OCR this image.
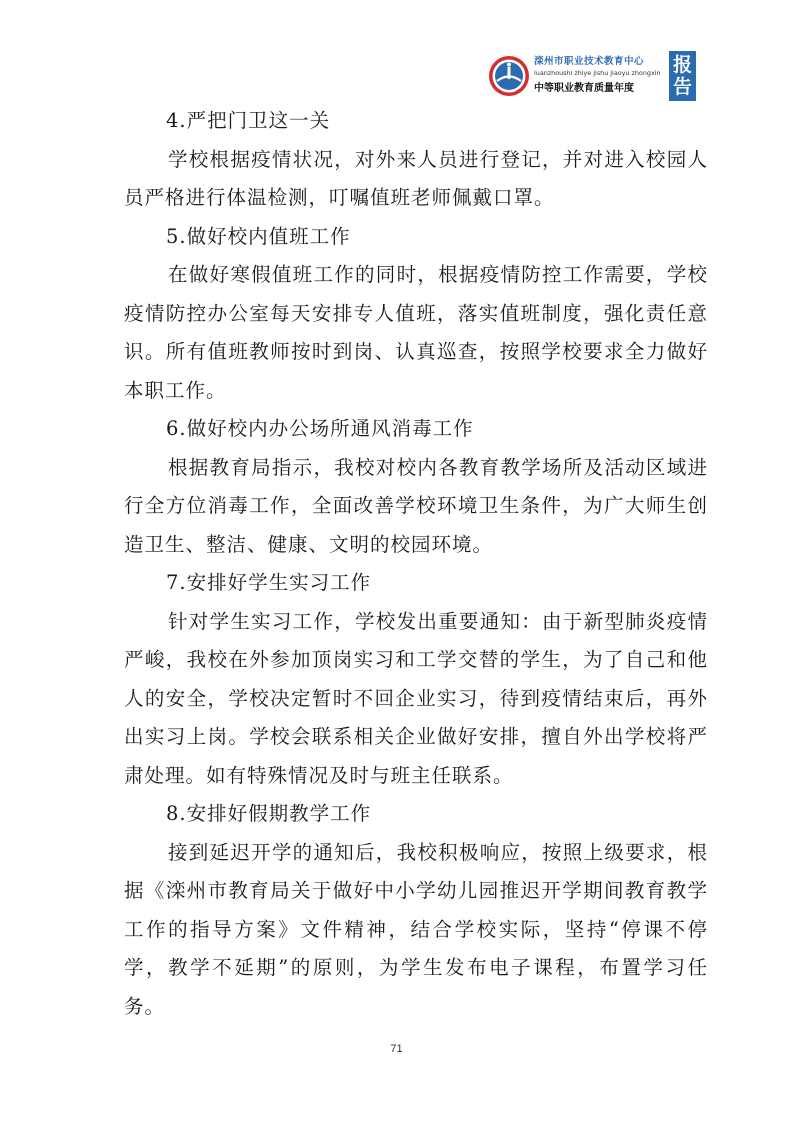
滦州市职业技术教育中心
luanzhoushi zhiye jishu jiaoyu zhongxin
中等职业教育质量年度
报
告

4.严把门卫这一关

学校根据疫情状况，对外来人员进行登记，并对进入校园人员严格进行体温检测，叮嘱值班老师佩戴口罩。

5.做好校内值班工作

在做好寒假值班工作的同时，根据疫情防控工作需要，学校疫情防控办公室每天安排专人值班，落实值班制度，强化责任意识。所有值班教师按时到岗、认真巡查，按照学校要求全力做好本职工作。

6.做好校内办公场所通风消毒工作

根据教育局指示，我校对校内各教育教学场所及活动区域进行全方位消毒工作，全面改善学校环境卫生条件，为广大师生创造卫生、整洁、健康、文明的校园环境。

7.安排好学生实习工作

针对学生实习工作，学校发出重要通知：由于新型肺炎疫情严峻，我校在外参加顶岗实习和工学交替的学生，为了自己和他人的安全，学校决定暂时不回企业实习，待到疫情结束后，再外出实习上岗。学校会联系相关企业做好安排，擅自外出学校将严肃处理。如有特殊情况及时与班主任联系。

8.安排好假期教学工作

接到延迟开学的通知后，我校积极响应，按照上级要求，根据《滦州市教育局关于做好中小学幼儿园推迟开学期间教育教学工作的指导方案》文件精神，结合学校实际，坚持“停课不停学，教学不延期”的原则，为学生发布电子课程，布置学习任务。

71
